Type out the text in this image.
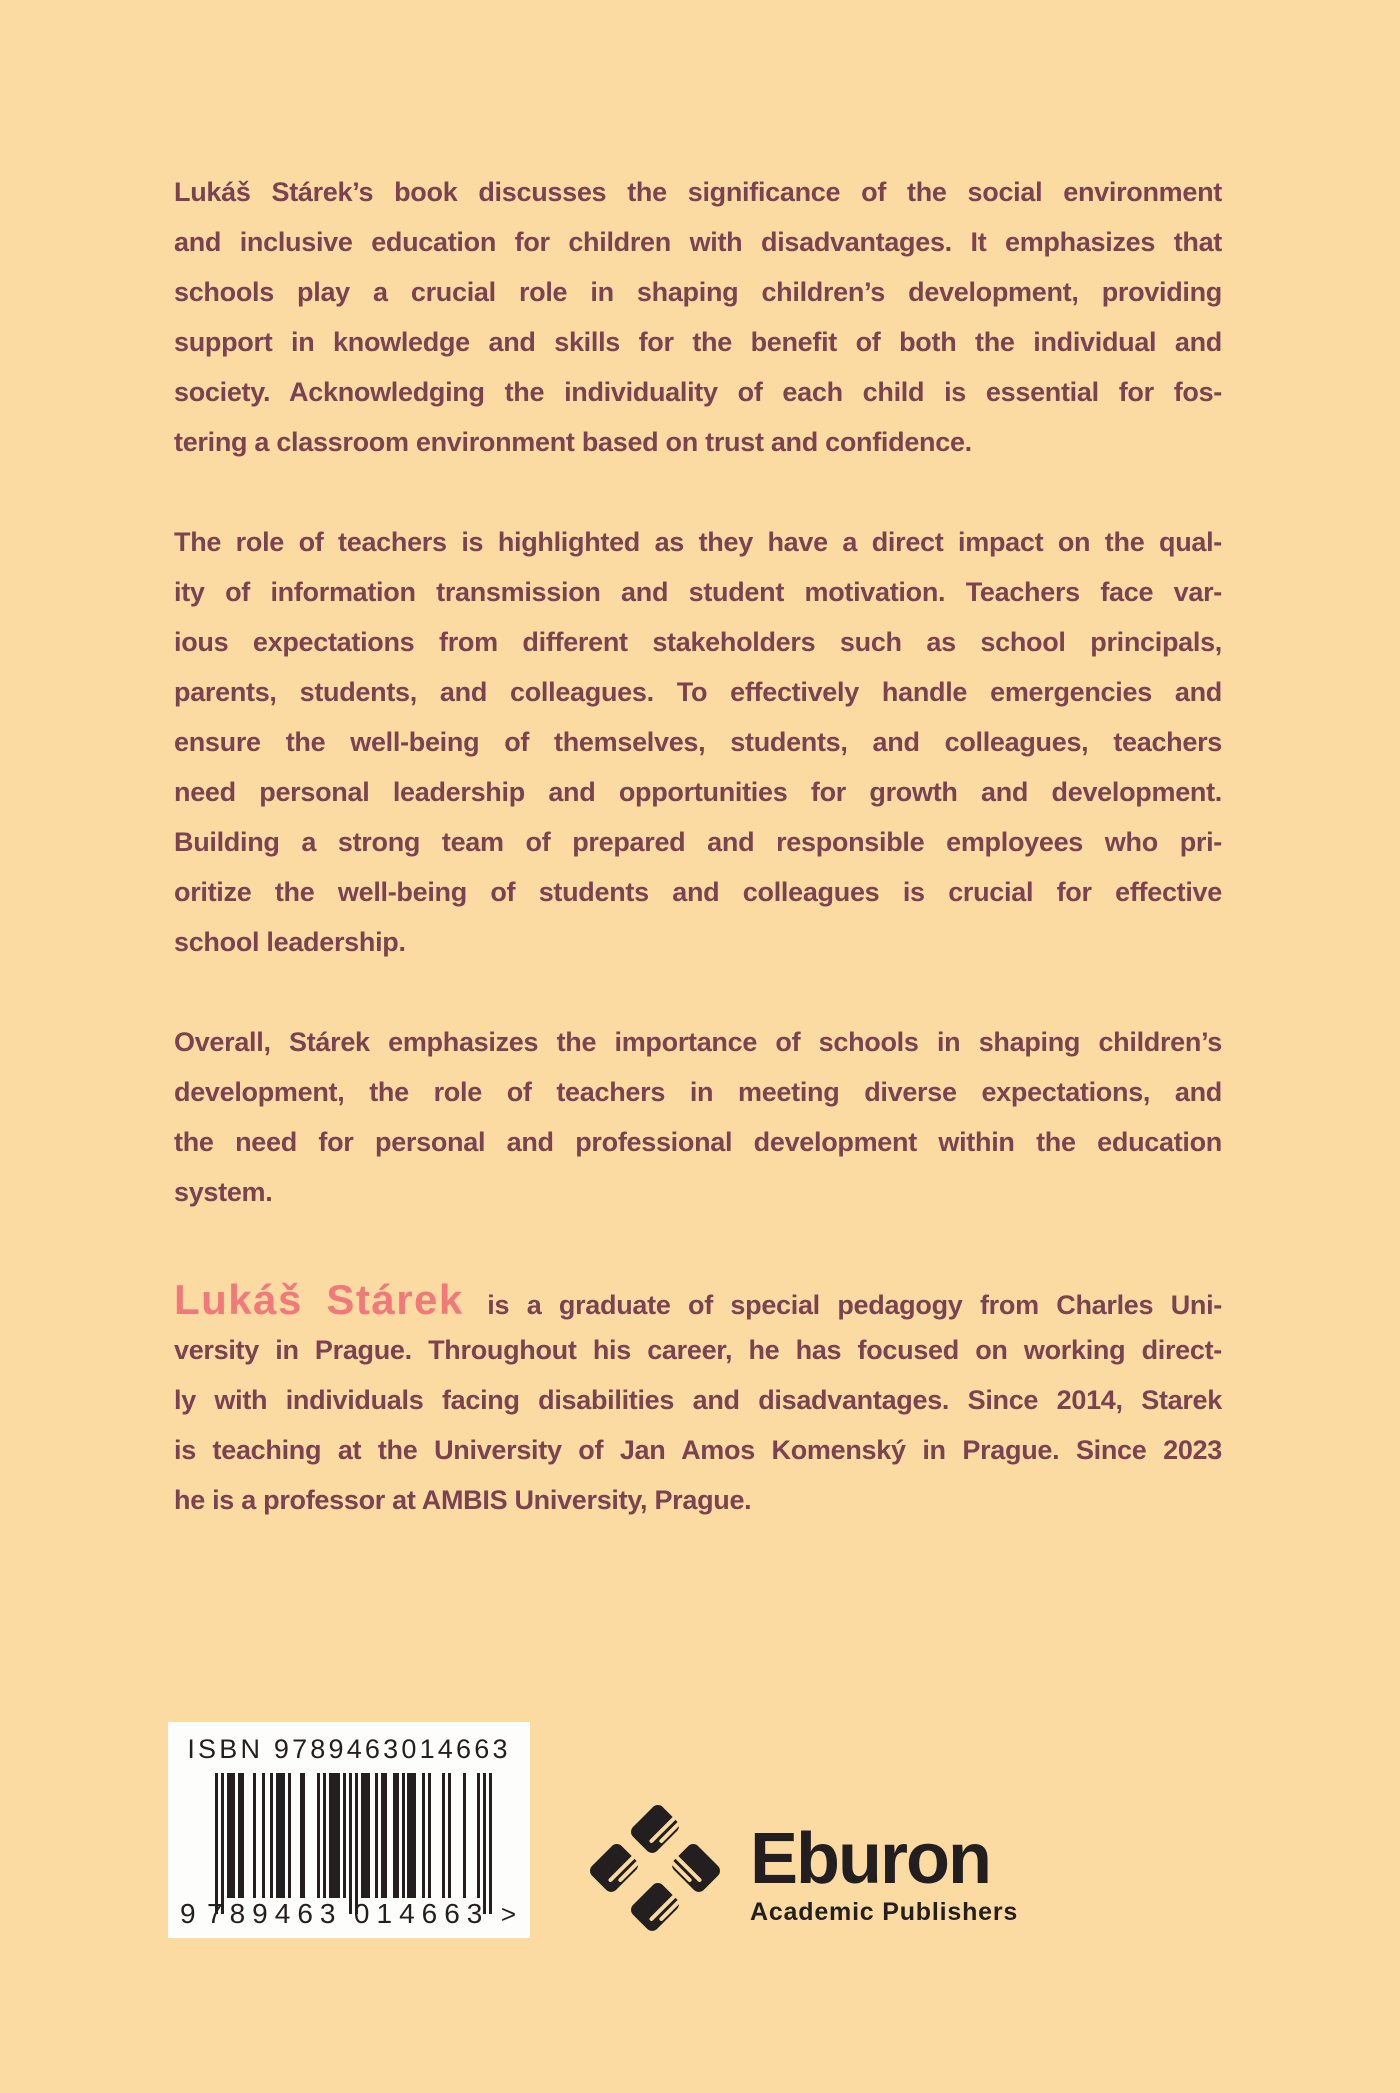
Lukáš Stárek’s book discusses the significance of the social environment
and inclusive education for children with disadvantages. It emphasizes that
schools play a crucial role in shaping children’s development, providing
support in knowledge and skills for the benefit of both the individual and
society. Acknowledging the individuality of each child is essential for fos-
tering a classroom environment based on trust and confidence.
The role of teachers is highlighted as they have a direct impact on the qual-
ity of information transmission and student motivation. Teachers face var-
ious expectations from different stakeholders such as school principals,
parents, students, and colleagues. To effectively handle emergencies and
ensure the well-being of themselves, students, and colleagues, teachers
need personal leadership and opportunities for growth and development.
Building a strong team of prepared and responsible employees who pri-
oritize the well-being of students and colleagues is crucial for effective
school leadership.
Overall, Stárek emphasizes the importance of schools in shaping children’s
development, the role of teachers in meeting diverse expectations, and
the need for personal and professional development within the education
system.
Lukáš Stárek is a graduate of special pedagogy from Charles Uni-
versity in Prague. Throughout his career, he has focused on working direct-
ly with individuals facing disabilities and disadvantages. Since 2014, Starek
is teaching at the University of Jan Amos Komenský in Prague. Since 2023
he is a professor at AMBIS University, Prague.
ISBN 9789463014663
9 789463 014663 >
Eburon
Academic Publishers
